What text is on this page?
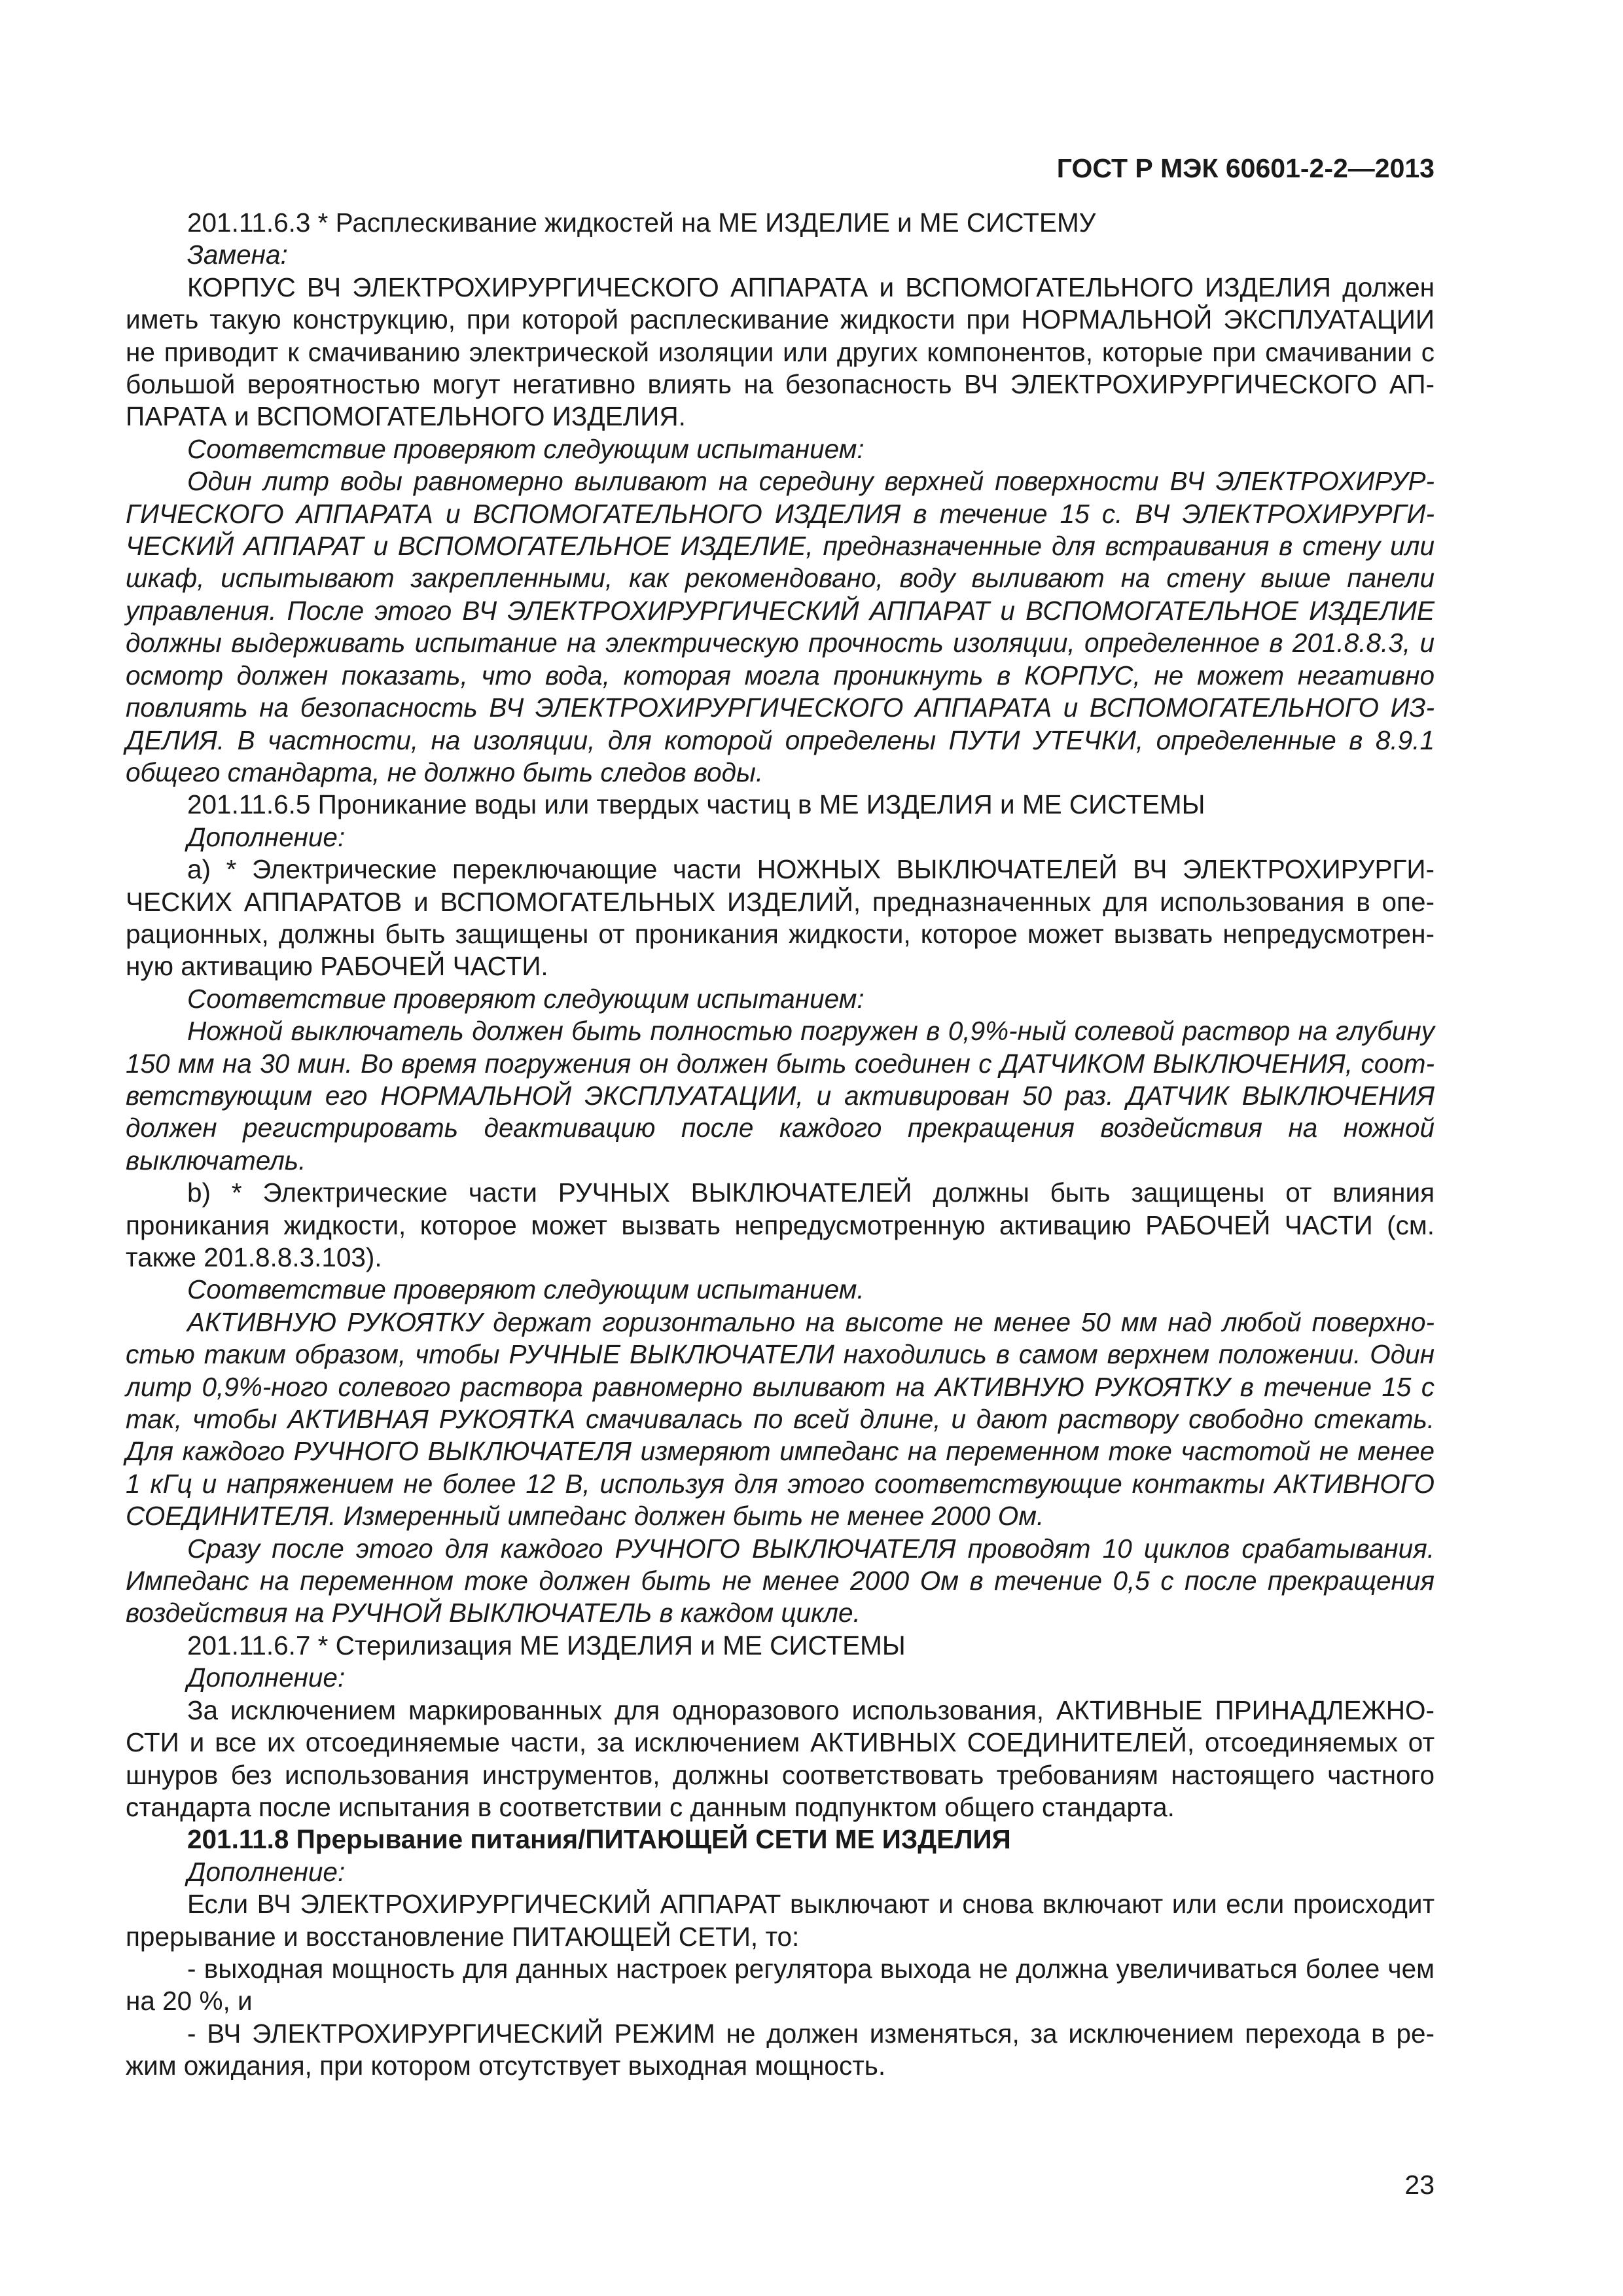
ГОСТ Р МЭК 60601-2-2—2013

201.11.6.3 * Расплескивание жидкостей на МЕ ИЗДЕЛИЕ и МЕ СИСТЕМУ

Замена:

КОРПУС ВЧ ЭЛЕКТРОХИРУРГИЧЕСКОГО АППАРАТА и ВСПОМОГАТЕЛЬНОГО ИЗДЕЛИЯ должен иметь такую конструкцию, при которой расплескивание жидкости при НОРМАЛЬНОЙ ЭКСПЛУАТАЦИИ не приводит к смачиванию электрической изоляции или других компонентов, которые при смачивании с большой вероятностью могут негативно влиять на безопасность ВЧ ЭЛЕКТРОХИРУРГИЧЕСКОГО АППАРАТА и ВСПОМОГАТЕЛЬНОГО ИЗДЕЛИЯ.

Соответствие проверяют следующим испытанием:

Один литр воды равномерно выливают на середину верхней поверхности ВЧ ЭЛЕКТРОХИРУРГИЧЕСКОГО АППАРАТА и ВСПОМОГАТЕЛЬНОГО ИЗДЕЛИЯ в течение 15 с. ВЧ ЭЛЕКТРОХИРУРГИЧЕСКИЙ АППАРАТ и ВСПОМОГАТЕЛЬНОЕ ИЗДЕЛИЕ, предназначенные для встраивания в стену или шкаф, испытывают закрепленными, как рекомендовано, воду выливают на стену выше панели управления. После этого ВЧ ЭЛЕКТРОХИРУРГИЧЕСКИЙ АППАРАТ и ВСПОМОГАТЕЛЬНОЕ ИЗДЕЛИЕ должны выдерживать испытание на электрическую прочность изоляции, определенное в 201.8.8.3, и осмотр должен показать, что вода, которая могла проникнуть в КОРПУС, не может негативно повлиять на безопасность ВЧ ЭЛЕКТРОХИРУРГИЧЕСКОГО АППАРАТА и ВСПОМОГАТЕЛЬНОГО ИЗДЕЛИЯ. В частности, на изоляции, для которой определены ПУТИ УТЕЧКИ, определенные в 8.9.1 общего стандарта, не должно быть следов воды.

201.11.6.5 Проникание воды или твердых частиц в МЕ ИЗДЕЛИЯ и МЕ СИСТЕМЫ

Дополнение:

a) * Электрические переключающие части НОЖНЫХ ВЫКЛЮЧАТЕЛЕЙ ВЧ ЭЛЕКТРОХИРУРГИЧЕСКИХ АППАРАТОВ и ВСПОМОГАТЕЛЬНЫХ ИЗДЕЛИЙ, предназначенных для использования в операционных, должны быть защищены от проникания жидкости, которое может вызвать непредусмотренную активацию РАБОЧЕЙ ЧАСТИ.

Соответствие проверяют следующим испытанием:

Ножной выключатель должен быть полностью погружен в 0,9%-ный солевой раствор на глубину 150 мм на 30 мин. Во время погружения он должен быть соединен с ДАТЧИКОМ ВЫКЛЮЧЕНИЯ, соответствующим его НОРМАЛЬНОЙ ЭКСПЛУАТАЦИИ, и активирован 50 раз. ДАТЧИК ВЫКЛЮЧЕНИЯ должен регистрировать деактивацию после каждого прекращения воздействия на ножной выключатель.

b) * Электрические части РУЧНЫХ ВЫКЛЮЧАТЕЛЕЙ должны быть защищены от влияния проникания жидкости, которое может вызвать непредусмотренную активацию РАБОЧЕЙ ЧАСТИ (см. также 201.8.8.3.103).

Соответствие проверяют следующим испытанием.

АКТИВНУЮ РУКОЯТКУ держат горизонтально на высоте не менее 50 мм над любой поверхностью таким образом, чтобы РУЧНЫЕ ВЫКЛЮЧАТЕЛИ находились в самом верхнем положении. Один литр 0,9%-ного солевого раствора равномерно выливают на АКТИВНУЮ РУКОЯТКУ в течение 15 с так, чтобы АКТИВНАЯ РУКОЯТКА смачивалась по всей длине, и дают раствору свободно стекать. Для каждого РУЧНОГО ВЫКЛЮЧАТЕЛЯ измеряют импеданс на переменном токе частотой не менее 1 кГц и напряжением не более 12 В, используя для этого соответствующие контакты АКТИВНОГО СОЕДИНИТЕЛЯ. Измеренный импеданс должен быть не менее 2000 Ом.

Сразу после этого для каждого РУЧНОГО ВЫКЛЮЧАТЕЛЯ проводят 10 циклов срабатывания. Импеданс на переменном токе должен быть не менее 2000 Ом в течение 0,5 с после прекращения воздействия на РУЧНОЙ ВЫКЛЮЧАТЕЛЬ в каждом цикле.

201.11.6.7 * Стерилизация МЕ ИЗДЕЛИЯ и МЕ СИСТЕМЫ

Дополнение:

За исключением маркированных для одноразового использования, АКТИВНЫЕ ПРИНАДЛЕЖНОСТИ и все их отсоединяемые части, за исключением АКТИВНЫХ СОЕДИНИТЕЛЕЙ, отсоединяемых от шнуров без использования инструментов, должны соответствовать требованиям настоящего частного стандарта после испытания в соответствии с данным подпунктом общего стандарта.

201.11.8 Прерывание питания/ПИТАЮЩЕЙ СЕТИ МЕ ИЗДЕЛИЯ

Дополнение:

Если ВЧ ЭЛЕКТРОХИРУРГИЧЕСКИЙ АППАРАТ выключают и снова включают или если происходит прерывание и восстановление ПИТАЮЩЕЙ СЕТИ, то:

- выходная мощность для данных настроек регулятора выхода не должна увеличиваться более чем на 20 %, и

- ВЧ ЭЛЕКТРОХИРУРГИЧЕСКИЙ РЕЖИМ не должен изменяться, за исключением перехода в режим ожидания, при котором отсутствует выходная мощность.

23
